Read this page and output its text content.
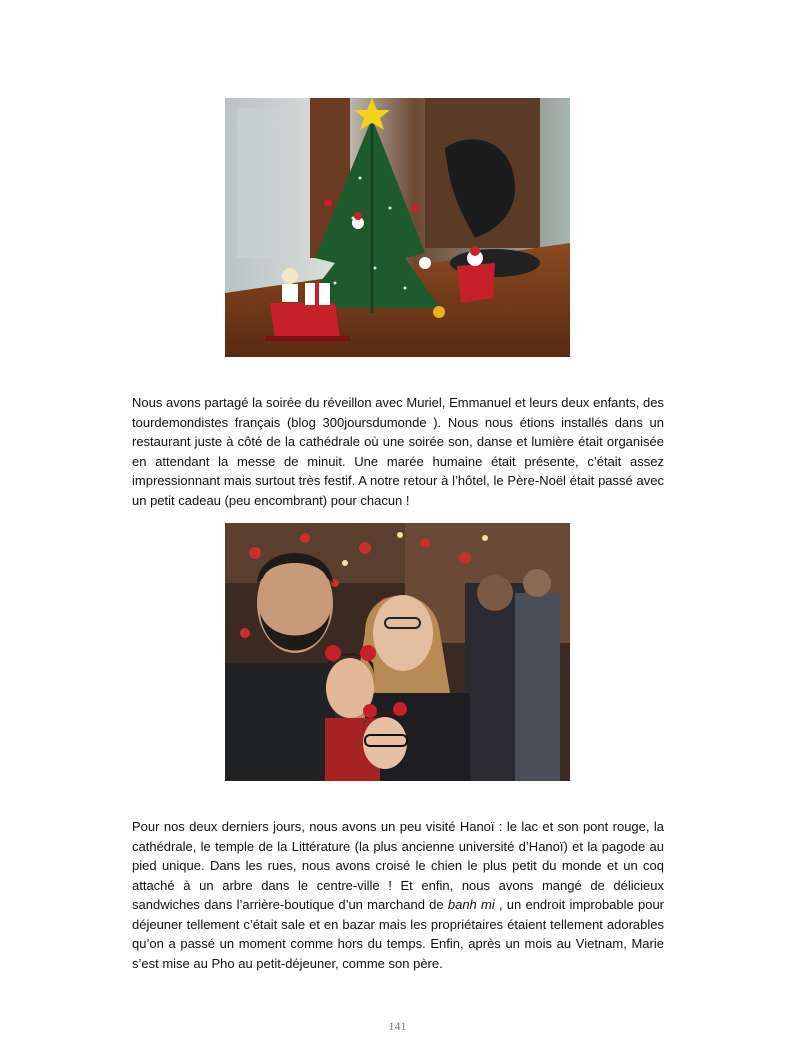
Nous avons partagé la soirée du réveillon avec Muriel, Emmanuel et leurs deux enfants, des tourdemondistes français (blog 300joursdumonde ). Nous nous étions installés dans un restaurant juste à côté de la cathédrale où une soirée son, danse et lumière était organisée en attendant la messe de minuit. Une marée humaine était présente, c’était assez impressionnant mais surtout très festif. A notre retour à l’hôtel, le Père-Noël était passé avec un petit cadeau (peu encombrant) pour chacun !

Pour nos deux derniers jours, nous avons un peu visité Hanoï : le lac et son pont rouge, la cathédrale, le temple de la Littérature (la plus ancienne université d’Hanoï) et la pagode au pied unique. Dans les rues, nous avons croisé le chien le plus petit du monde et un coq attaché à un arbre dans le centre-ville ! Et enfin, nous avons mangé de délicieux sandwiches dans l’arrière-boutique d’un marchand de banh mi , un endroit improbable pour déjeuner tellement c’était sale et en bazar mais les propriétaires étaient tellement adorables qu’on a passé un moment comme hors du temps. Enfin, après un mois au Vietnam, Marie s’est mise au Pho au petit-déjeuner, comme son père.

141
